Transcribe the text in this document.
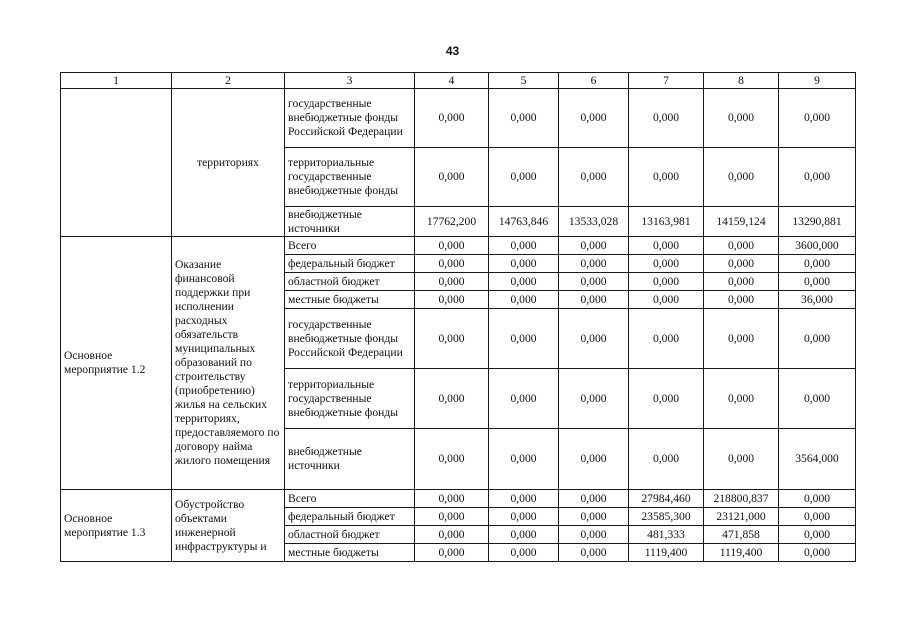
43
1	2	3	4	5	6	7	8	9
	территориях	государственные внебюджетные фонды Российской Федерации	0,000	0,000	0,000	0,000	0,000	0,000
		территориальные государственные внебюджетные фонды	0,000	0,000	0,000	0,000	0,000	0,000
		внебюджетные источники	17762,200	14763,846	13533,028	13163,981	14159,124	13290,881
Основное мероприятие 1.2	Оказание финансовой поддержки при исполнении расходных обязательств муниципальных образований по строительству (приобретению) жилья на сельских территориях, предоставляемого по договору найма жилого помещения	Всего	0,000	0,000	0,000	0,000	0,000	3600,000
		федеральный бюджет	0,000	0,000	0,000	0,000	0,000	0,000
		областной бюджет	0,000	0,000	0,000	0,000	0,000	0,000
		местные бюджеты	0,000	0,000	0,000	0,000	0,000	36,000
		государственные внебюджетные фонды Российской Федерации	0,000	0,000	0,000	0,000	0,000	0,000
		территориальные государственные внебюджетные фонды	0,000	0,000	0,000	0,000	0,000	0,000
		внебюджетные источники	0,000	0,000	0,000	0,000	0,000	3564,000
Основное мероприятие 1.3	Обустройство объектами инженерной инфраструктуры и	Всего	0,000	0,000	0,000	27984,460	218800,837	0,000
		федеральный бюджет	0,000	0,000	0,000	23585,300	23121,000	0,000
		областной бюджет	0,000	0,000	0,000	481,333	471,858	0,000
		местные бюджеты	0,000	0,000	0,000	1119,400	1119,400	0,000
